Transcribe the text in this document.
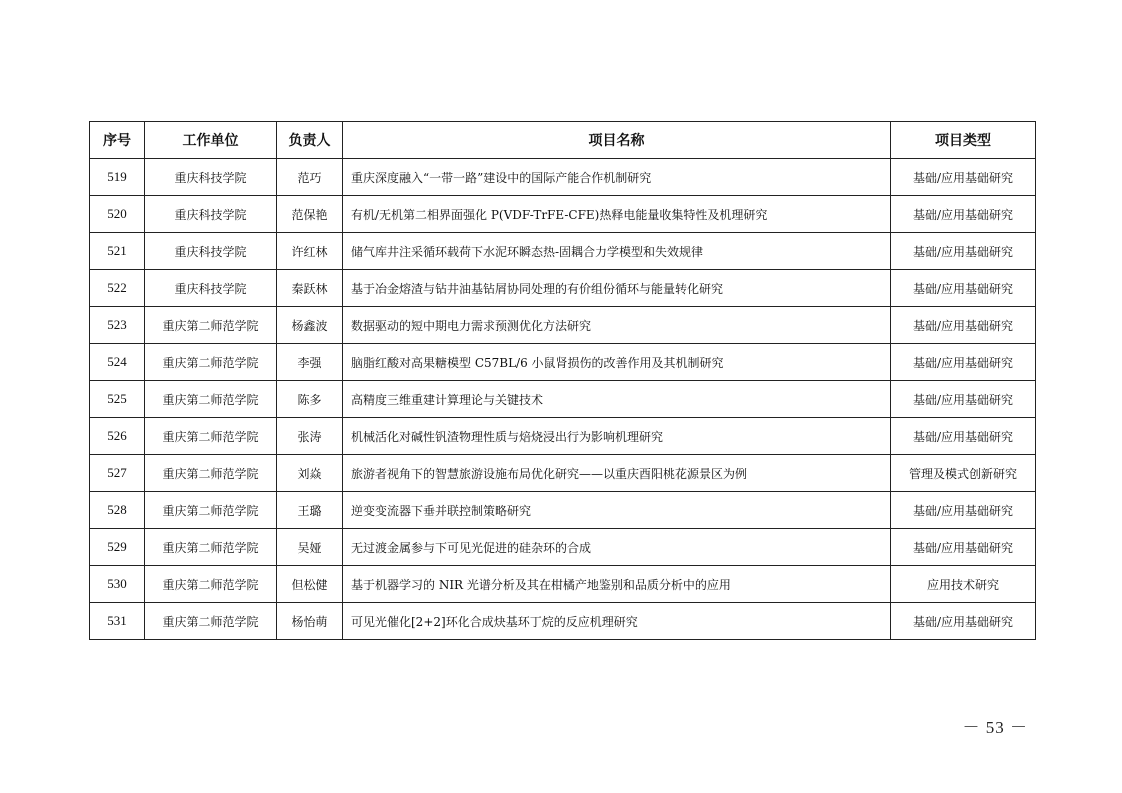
序号	工作单位	负责人	项目名称	项目类型
519	重庆科技学院	范巧	重庆深度融入“一带一路”建设中的国际产能合作机制研究	基础/应用基础研究
520	重庆科技学院	范保艳	有机/无机第二相界面强化 P(VDF-TrFE-CFE)热释电能量收集特性及机理研究	基础/应用基础研究
521	重庆科技学院	许红林	储气库井注采循环载荷下水泥环瞬态热-固耦合力学模型和失效规律	基础/应用基础研究
522	重庆科技学院	秦跃林	基于冶金熔渣与钻井油基钻屑协同处理的有价组份循环与能量转化研究	基础/应用基础研究
523	重庆第二师范学院	杨鑫波	数据驱动的短中期电力需求预测优化方法研究	基础/应用基础研究
524	重庆第二师范学院	李强	脑脂红酸对高果糖模型 C57BL/6 小鼠肾损伤的改善作用及其机制研究	基础/应用基础研究
525	重庆第二师范学院	陈多	高精度三维重建计算理论与关键技术	基础/应用基础研究
526	重庆第二师范学院	张涛	机械活化对碱性钒渣物理性质与焙烧浸出行为影响机理研究	基础/应用基础研究
527	重庆第二师范学院	刘焱	旅游者视角下的智慧旅游设施布局优化研究——以重庆酉阳桃花源景区为例	管理及模式创新研究
528	重庆第二师范学院	王璐	逆变变流器下垂并联控制策略研究	基础/应用基础研究
529	重庆第二师范学院	吴娅	无过渡金属参与下可见光促进的硅杂环的合成	基础/应用基础研究
530	重庆第二师范学院	但松健	基于机器学习的 NIR 光谱分析及其在柑橘产地鉴别和品质分析中的应用	应用技术研究
531	重庆第二师范学院	杨怡萌	可见光催化[2+2]环化合成炔基环丁烷的反应机理研究	基础/应用基础研究
－ 53 －
